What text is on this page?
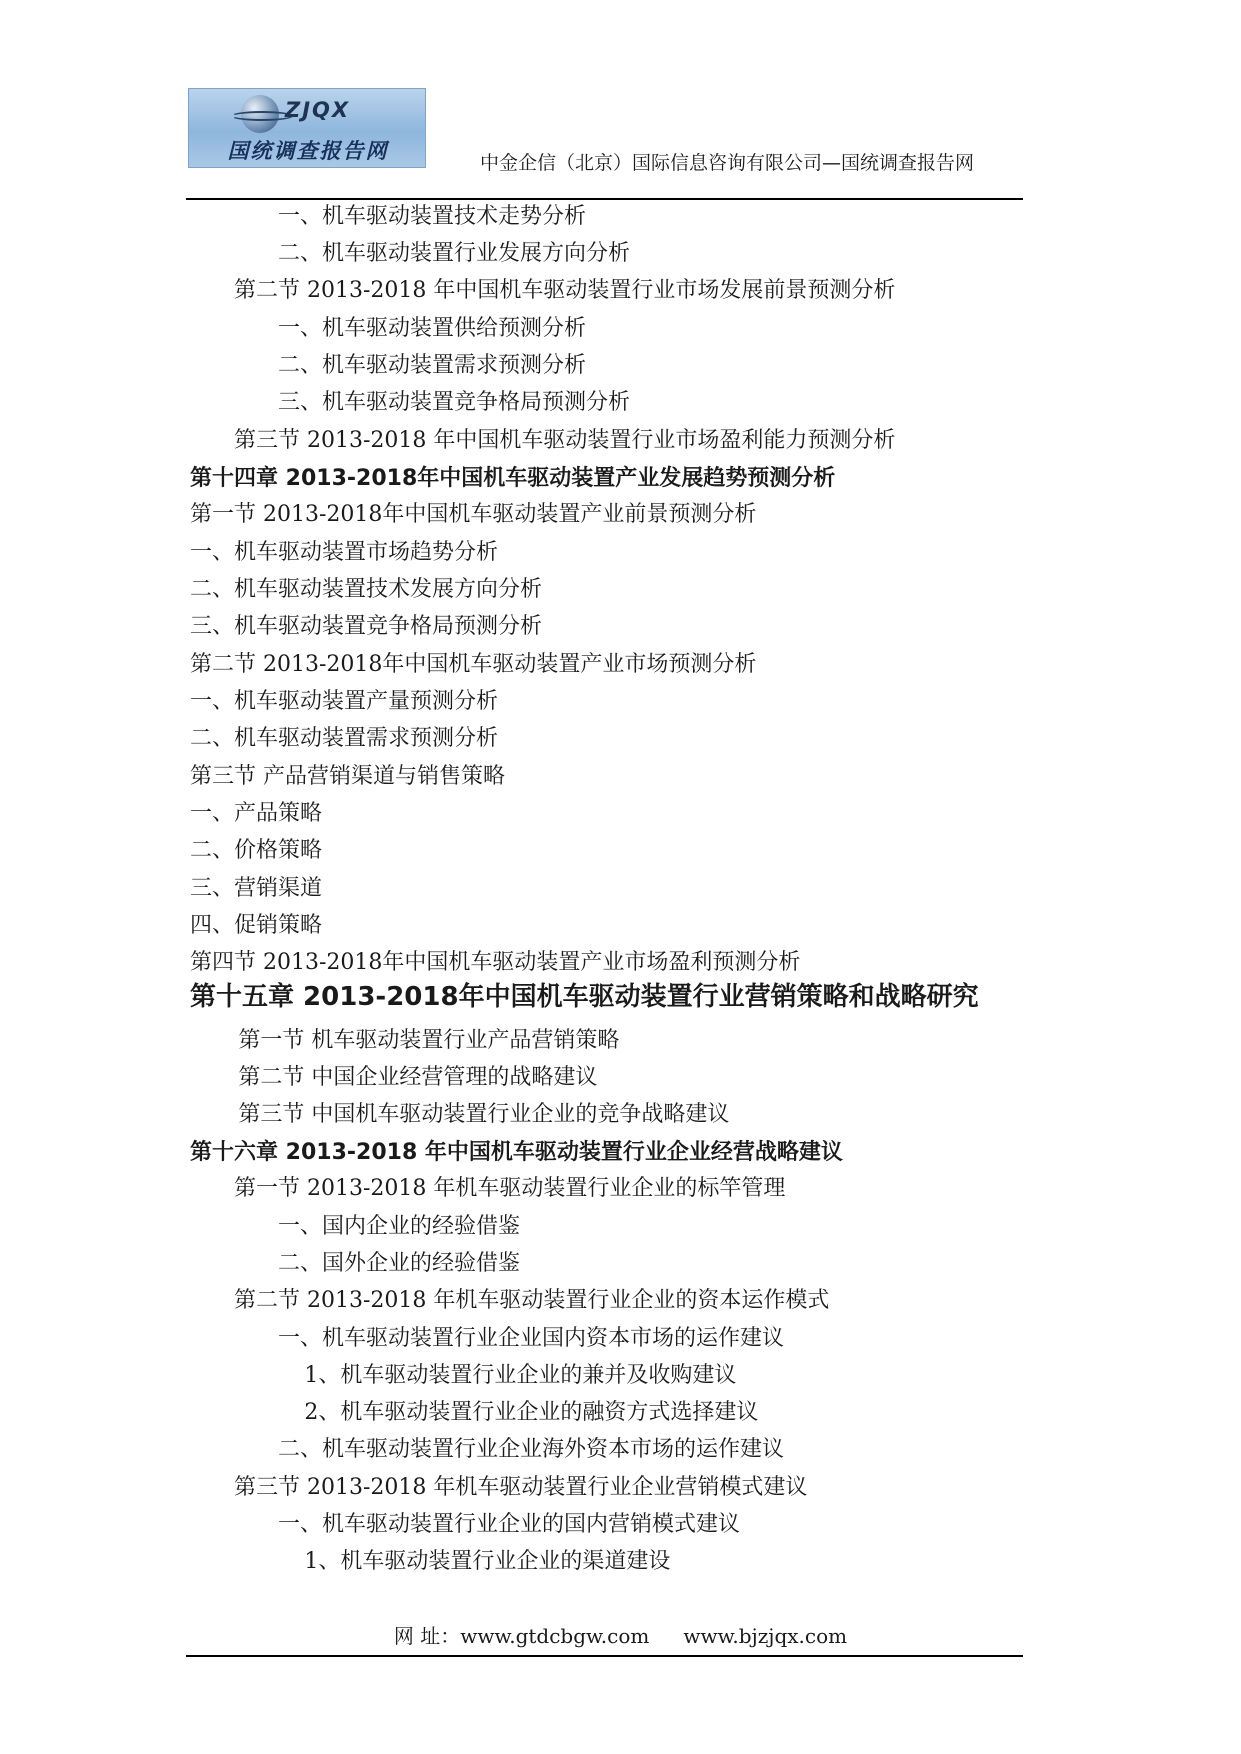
ZJQX
国统调查报告网	中金企信（北京）国际信息咨询有限公司—国统调查报告网
一、机车驱动装置技术走势分析
二、机车驱动装置行业发展方向分析
第二节 2013-2018 年中国机车驱动装置行业市场发展前景预测分析
一、机车驱动装置供给预测分析
二、机车驱动装置需求预测分析
三、机车驱动装置竞争格局预测分析
第三节 2013-2018 年中国机车驱动装置行业市场盈利能力预测分析
第十四章 2013-2018年中国机车驱动装置产业发展趋势预测分析
第一节 2013-2018年中国机车驱动装置产业前景预测分析
一、机车驱动装置市场趋势分析
二、机车驱动装置技术发展方向分析
三、机车驱动装置竞争格局预测分析
第二节 2013-2018年中国机车驱动装置产业市场预测分析
一、机车驱动装置产量预测分析
二、机车驱动装置需求预测分析
第三节 产品营销渠道与销售策略
一、产品策略
二、价格策略
三、营销渠道
四、促销策略
第四节 2013-2018年中国机车驱动装置产业市场盈利预测分析
第十五章 2013-2018年中国机车驱动装置行业营销策略和战略研究
第一节 机车驱动装置行业产品营销策略
第二节 中国企业经营管理的战略建议
第三节 中国机车驱动装置行业企业的竞争战略建议
第十六章 2013-2018 年中国机车驱动装置行业企业经营战略建议
第一节 2013-2018 年机车驱动装置行业企业的标竿管理
一、国内企业的经验借鉴
二、国外企业的经验借鉴
第二节 2013-2018 年机车驱动装置行业企业的资本运作模式
一、机车驱动装置行业企业国内资本市场的运作建议
1、机车驱动装置行业企业的兼并及收购建议
2、机车驱动装置行业企业的融资方式选择建议
二、机车驱动装置行业企业海外资本市场的运作建议
第三节 2013-2018 年机车驱动装置行业企业营销模式建议
一、机车驱动装置行业企业的国内营销模式建议
1、机车驱动装置行业企业的渠道建设
网 址：www.gtdcbgw.com www.bjzjqx.com
